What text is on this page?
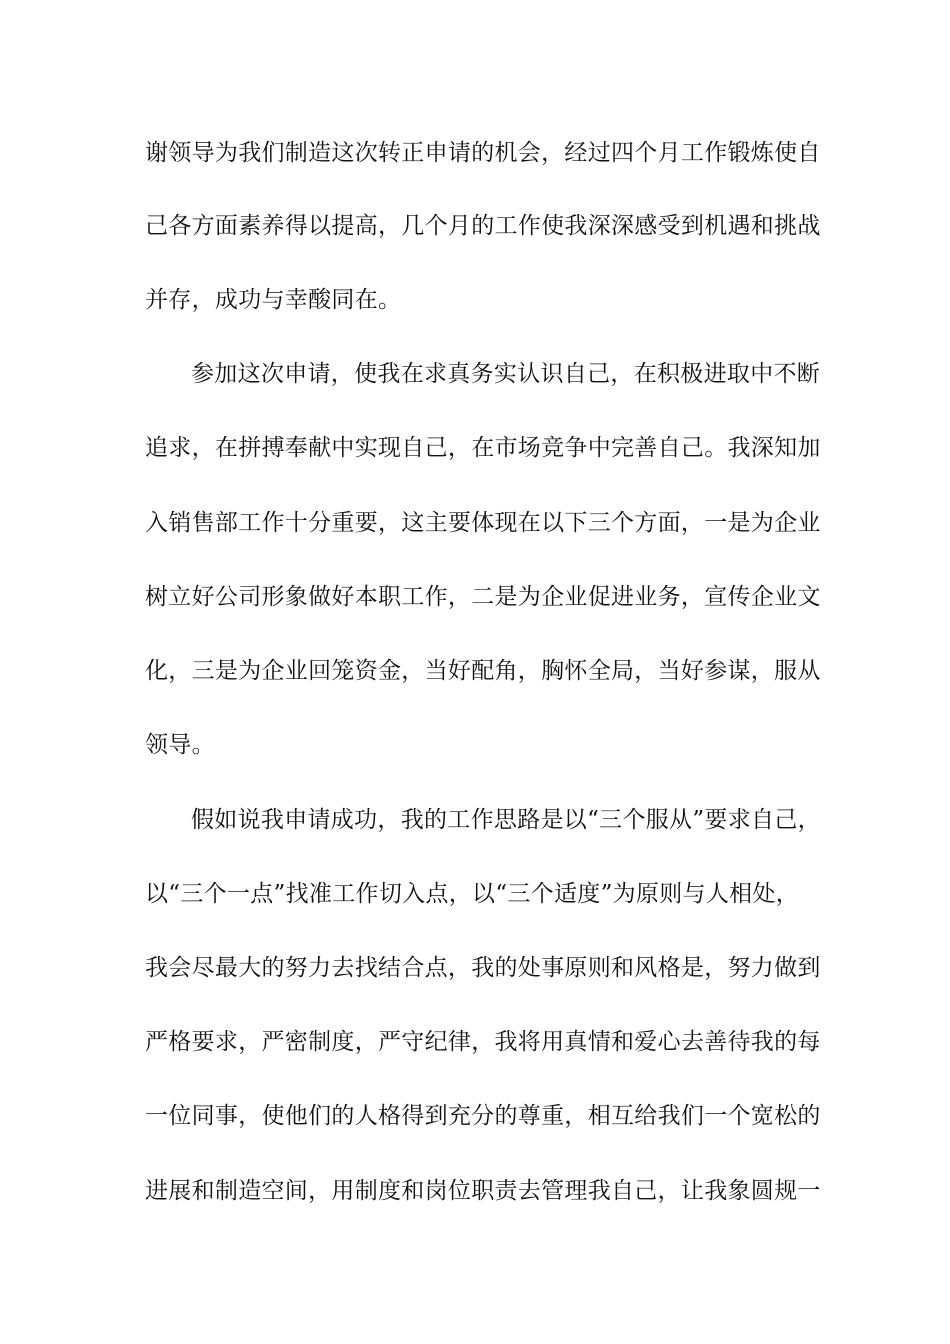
谢领导为我们制造这次转正申请的机会，经过四个月工作锻炼使自
己各方面素养得以提高，几个月的工作使我深深感受到机遇和挑战
并存，成功与幸酸同在。
参加这次申请，使我在求真务实认识自己，在积极进取中不断
追求，在拼搏奉献中实现自己，在市场竞争中完善自己。我深知加
入销售部工作十分重要，这主要体现在以下三个方面，一是为企业
树立好公司形象做好本职工作，二是为企业促进业务，宣传企业文
化，三是为企业回笼资金，当好配角，胸怀全局，当好参谋，服从
领导。
假如说我申请成功，我的工作思路是以“三个服从”要求自己，
以“三个一点”找准工作切入点，以“三个适度”为原则与人相处，
我会尽最大的努力去找结合点，我的处事原则和风格是，努力做到
严格要求，严密制度，严守纪律，我将用真情和爱心去善待我的每
一位同事，使他们的人格得到充分的尊重，相互给我们一个宽松的
进展和制造空间，用制度和岗位职责去管理我自己，让我象圆规一
